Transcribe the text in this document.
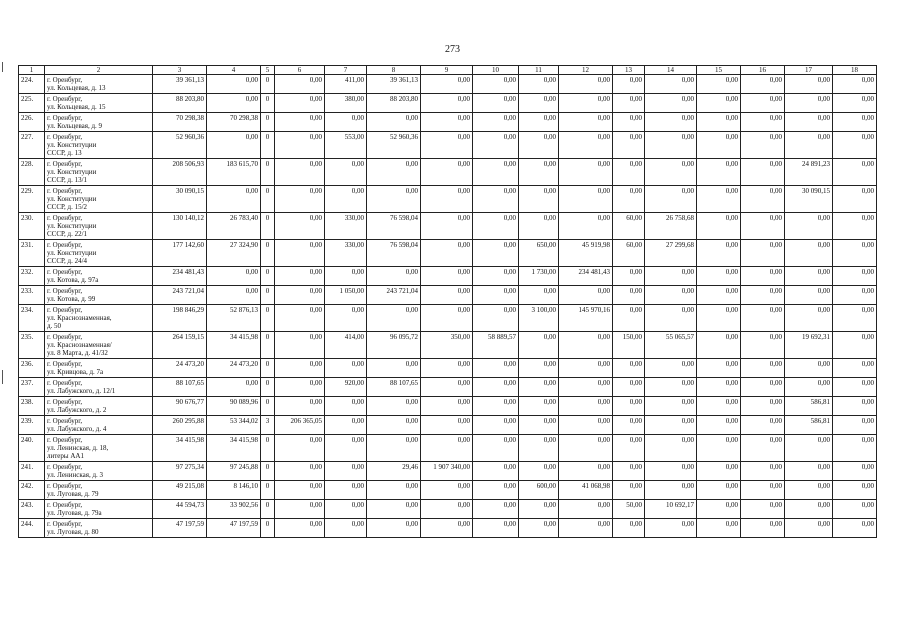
273
1	2	3	4	5	6	7	8	9	10	11	12	13	14	15	16	17	18
224.	г. Оренбург,
ул. Кольцевая, д. 13	39 361,13	0,00	0	0,00	411,00	39 361,13	0,00	0,00	0,00	0,00	0,00	0,00	0,00	0,00	0,00	0,00
225.	г. Оренбург,
ул. Кольцевая, д. 15	88 203,80	0,00	0	0,00	380,00	88 203,80	0,00	0,00	0,00	0,00	0,00	0,00	0,00	0,00	0,00	0,00
226.	г. Оренбург,
ул. Кольцевая, д. 9	70 298,38	70 298,38	0	0,00	0,00	0,00	0,00	0,00	0,00	0,00	0,00	0,00	0,00	0,00	0,00	0,00
227.	г. Оренбург,
ул. Конституции
СССР, д. 13	52 960,36	0,00	0	0,00	553,00	52 960,36	0,00	0,00	0,00	0,00	0,00	0,00	0,00	0,00	0,00	0,00
228.	г. Оренбург,
ул. Конституции
СССР, д. 13/1	208 506,93	183 615,70	0	0,00	0,00	0,00	0,00	0,00	0,00	0,00	0,00	0,00	0,00	0,00	24 891,23	0,00
229.	г. Оренбург,
ул. Конституции
СССР, д. 15/2	30 090,15	0,00	0	0,00	0,00	0,00	0,00	0,00	0,00	0,00	0,00	0,00	0,00	0,00	30 090,15	0,00
230.	г. Оренбург,
ул. Конституции
СССР, д. 22/1	130 140,12	26 783,40	0	0,00	330,00	76 598,04	0,00	0,00	0,00	0,00	60,00	26 758,68	0,00	0,00	0,00	0,00
231.	г. Оренбург,
ул. Конституции
СССР, д. 24/4	177 142,60	27 324,90	0	0,00	330,00	76 598,04	0,00	0,00	650,00	45 919,98	60,00	27 299,68	0,00	0,00	0,00	0,00
232.	г. Оренбург,
ул. Котова, д. 97а	234 481,43	0,00	0	0,00	0,00	0,00	0,00	0,00	1 730,00	234 481,43	0,00	0,00	0,00	0,00	0,00	0,00
233.	г. Оренбург,
ул. Котова, д. 99	243 721,04	0,00	0	0,00	1 050,00	243 721,04	0,00	0,00	0,00	0,00	0,00	0,00	0,00	0,00	0,00	0,00
234.	г. Оренбург,
ул. Краснознаменная,
д. 50	198 846,29	52 876,13	0	0,00	0,00	0,00	0,00	0,00	3 100,00	145 970,16	0,00	0,00	0,00	0,00	0,00	0,00
235.	г. Оренбург,
ул. Краснознаменная/
ул. 8 Марта, д. 41/32	264 159,15	34 415,98	0	0,00	414,00	96 095,72	350,00	58 889,57	0,00	0,00	150,00	55 065,57	0,00	0,00	19 692,31	0,00
236.	г. Оренбург,
ул. Кривцова, д. 7а	24 473,20	24 473,20	0	0,00	0,00	0,00	0,00	0,00	0,00	0,00	0,00	0,00	0,00	0,00	0,00	0,00
237.	г. Оренбург,
ул. Лабужского, д. 12/1	88 107,65	0,00	0	0,00	920,00	88 107,65	0,00	0,00	0,00	0,00	0,00	0,00	0,00	0,00	0,00	0,00
238.	г. Оренбург,
ул. Лабужского, д. 2	90 676,77	90 089,96	0	0,00	0,00	0,00	0,00	0,00	0,00	0,00	0,00	0,00	0,00	0,00	586,81	0,00
239.	г. Оренбург,
ул. Лабужского, д. 4	260 295,88	53 344,02	3	206 365,05	0,00	0,00	0,00	0,00	0,00	0,00	0,00	0,00	0,00	0,00	586,81	0,00
240.	г. Оренбург,
ул. Ленинская, д. 18,
литеры АА1	34 415,98	34 415,98	0	0,00	0,00	0,00	0,00	0,00	0,00	0,00	0,00	0,00	0,00	0,00	0,00	0,00
241.	г. Оренбург,
ул. Ленинская, д. 3	97 275,34	97 245,88	0	0,00	0,00	29,46	1 907 340,00	0,00	0,00	0,00	0,00	0,00	0,00	0,00	0,00	0,00
242.	г. Оренбург,
ул. Луговая, д. 79	49 215,08	8 146,10	0	0,00	0,00	0,00	0,00	0,00	600,00	41 068,98	0,00	0,00	0,00	0,00	0,00	0,00
243.	г. Оренбург,
ул. Луговая, д. 79а	44 594,73	33 902,56	0	0,00	0,00	0,00	0,00	0,00	0,00	0,00	50,00	10 692,17	0,00	0,00	0,00	0,00
244.	г. Оренбург,
ул. Луговая, д. 80	47 197,59	47 197,59	0	0,00	0,00	0,00	0,00	0,00	0,00	0,00	0,00	0,00	0,00	0,00	0,00	0,00
